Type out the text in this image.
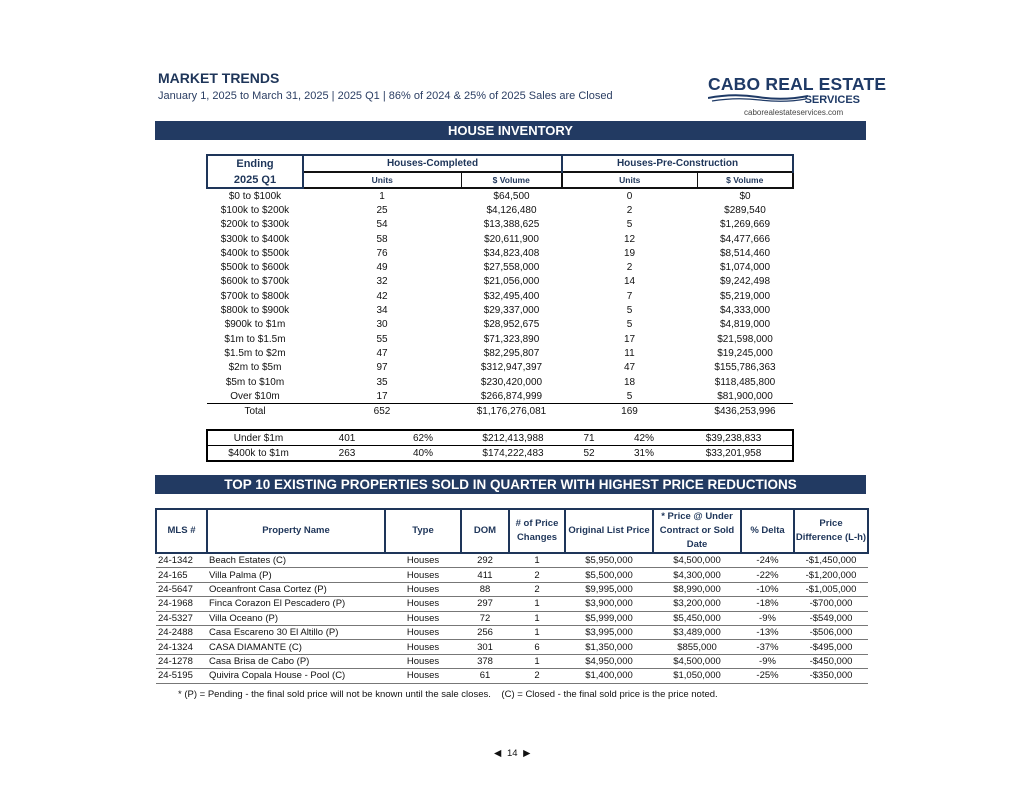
MARKET TRENDS
January 1, 2025 to March 31, 2025 | 2025 Q1 | 86% of 2024 & 25% of 2025 Sales are Closed
CABO REAL ESTATE
SERVICES
caborealestateservices.com
HOUSE INVENTORY
Ending	Houses-Completed		Houses-Pre-Construction	
2025 Q1	Units	$ Volume	Units	$ Volume
$0 to $100k	1	$64,500	0	$0
$100k to $200k	25	$4,126,480	2	$289,540
$200k to $300k	54	$13,388,625	5	$1,269,669
$300k to $400k	58	$20,611,900	12	$4,477,666
$400k to $500k	76	$34,823,408	19	$8,514,460
$500k to $600k	49	$27,558,000	2	$1,074,000
$600k to $700k	32	$21,056,000	14	$9,242,498
$700k to $800k	42	$32,495,400	7	$5,219,000
$800k to $900k	34	$29,337,000	5	$4,333,000
$900k to $1m	30	$28,952,675	5	$4,819,000
$1m to $1.5m	55	$71,323,890	17	$21,598,000
$1.5m to $2m	47	$82,295,807	11	$19,245,000
$2m to $5m	97	$312,947,397	47	$155,786,363
$5m to $10m	35	$230,420,000	18	$118,485,800
Over $10m	17	$266,874,999	5	$81,900,000
Total	652	$1,176,276,081	169	$436,253,996
Under $1m	401	62%	$212,413,988	71	42%	$39,238,833
$400k to $1m	263	40%	$174,222,483	52	31%	$33,201,958
TOP 10 EXISTING PROPERTIES SOLD IN QUARTER WITH HIGHEST PRICE REDUCTIONS
MLS #	Property Name	Type	DOM	# of Price Changes	Original List Price	* Price @ Under Contract or Sold Date	% Delta	Price Difference (L-h)
24-1342	Beach Estates (C)	Houses	292	1	$5,950,000	$4,500,000	-24%	-$1,450,000
24-165	Villa Palma (P)	Houses	411	2	$5,500,000	$4,300,000	-22%	-$1,200,000
24-5647	Oceanfront Casa Cortez (P)	Houses	88	2	$9,995,000	$8,990,000	-10%	-$1,005,000
24-1968	Finca Corazon El Pescadero (P)	Houses	297	1	$3,900,000	$3,200,000	-18%	-$700,000
24-5327	Villa Oceano (P)	Houses	72	1	$5,999,000	$5,450,000	-9%	-$549,000
24-2488	Casa Escareno 30 El Altillo (P)	Houses	256	1	$3,995,000	$3,489,000	-13%	-$506,000
24-1324	CASA DIAMANTE (C)	Houses	301	6	$1,350,000	$855,000	-37%	-$495,000
24-1278	Casa Brisa de Cabo (P)	Houses	378	1	$4,950,000	$4,500,000	-9%	-$450,000
24-5195	Quivira Copala House - Pool (C)	Houses	61	2	$1,400,000	$1,050,000	-25%	-$350,000
* (P) = Pending - the final sold price will not be known until the sale closes.    (C) = Closed - the final sold price is the price noted.
◀ 14 ▶
